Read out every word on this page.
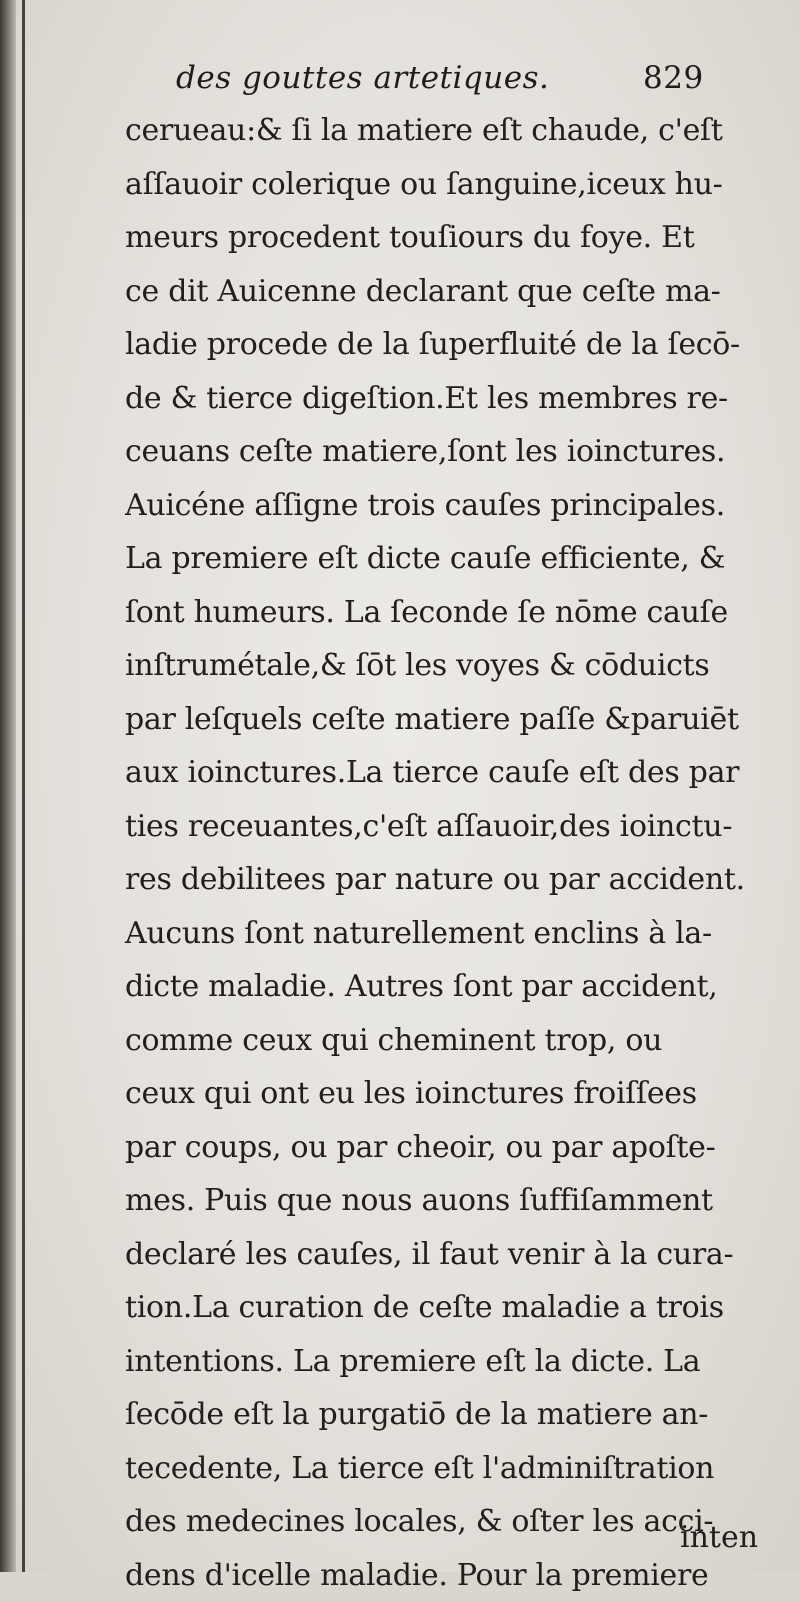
des gouttes artetiques.	829
cerueau:& ſi la matiere eſt chaude, c'eſt
aſſauoir colerique ou ſanguine,iceux hu-
meurs procedent touſiours du foye. Et
ce dit Auicenne declarant que ceſte ma-
ladie procede de la ſuperfluité de la ſecō-
de & tierce digeſtion.Et les membres re-
ceuans ceſte matiere,ſont les ioinctures.
Auicéne aſſigne trois cauſes principales.
La premiere eſt dicte cauſe efficiente, &
ſont humeurs. La ſeconde ſe nōme cauſe
inſtrumétale,& ſōt les voyes & cōduicts
par leſquels ceſte matiere paſſe &paruiēt
aux ioinctures.La tierce cauſe eſt des par
ties receuantes,c'eſt aſſauoir,des ioinctu-
res debilitees par nature ou par accident.
Aucuns ſont naturellement enclins à la-
dicte maladie. Autres ſont par accident,
comme ceux qui cheminent trop, ou
ceux qui ont eu les ioinctures froiſſees
par coups, ou par cheoir, ou par apoſte-
mes. Puis que nous auons ſuffiſamment
declaré les cauſes, il faut venir à la cura-
tion.La curation de ceſte maladie a trois
intentions. La premiere eſt la dicte. La
ſecōde eſt la purgatiō de la matiere an-
tecedente, La tierce eſt l'adminiſtration
des medecines locales, & oſter les acci-
dens d'icelle maladie. Pour la premiere
inten
